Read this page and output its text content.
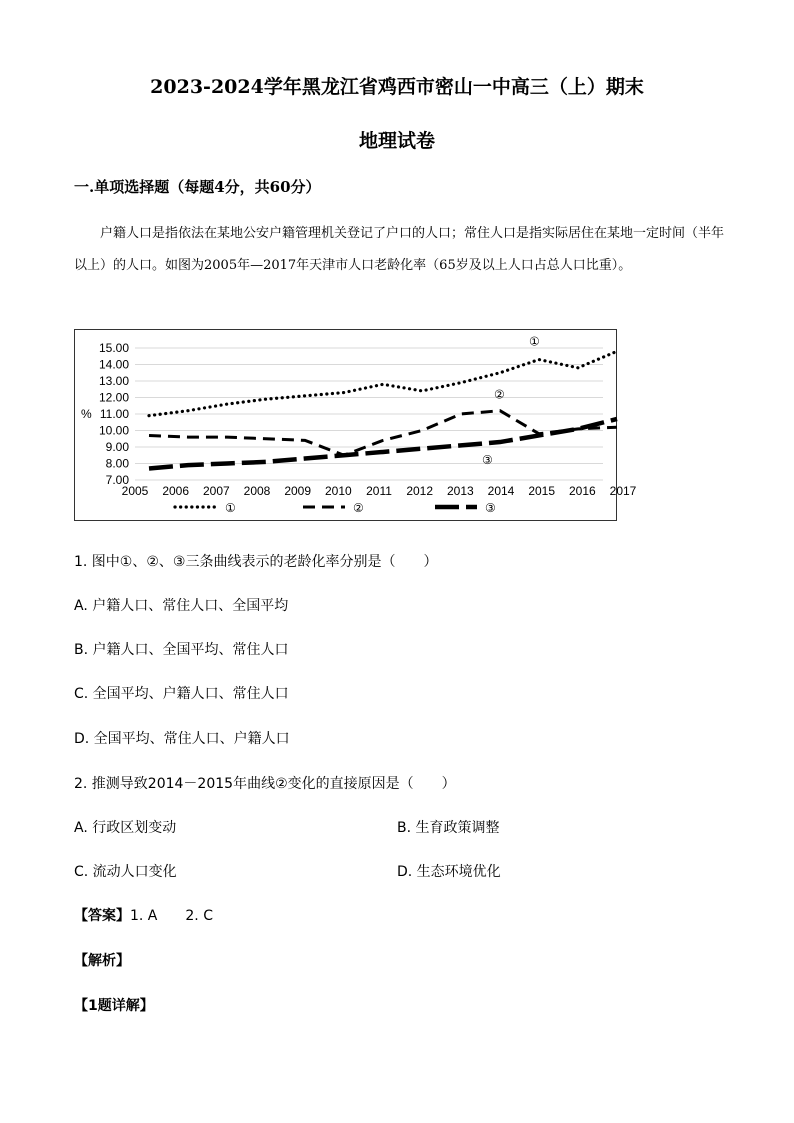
2023-2024学年黑龙江省鸡西市密山一中高三（上）期末
地理试卷
一.单项选择题（每题4分，共60分）
户籍人口是指依法在某地公安户籍管理机关登记了户口的人口；常住人口是指实际居住在某地一定时间（半年以上）的人口。如图为2005年—2017年天津市人口老龄化率（65岁及以上人口占总人口比重）。
15.00
14.00
13.00
12.00
11.00
10.00
9.00
8.00
7.00
%
2005 2006 2007 2008 2009 2010 2011 2012 2013 2014 2015 2016 2017
①
②
③
①	②	③
1. 图中①、②、③三条曲线表示的老龄化率分别是（　　）
A. 户籍人口、常住人口、全国平均
B. 户籍人口、全国平均、常住人口
C. 全国平均、户籍人口、常住人口
D. 全国平均、常住人口、户籍人口
2. 推测导致2014－2015年曲线②变化的直接原因是（　　）
A. 行政区划变动	B. 生育政策调整
C. 流动人口变化	D. 生态环境优化
【答案】1. A　　2. C
【解析】
【1题详解】
